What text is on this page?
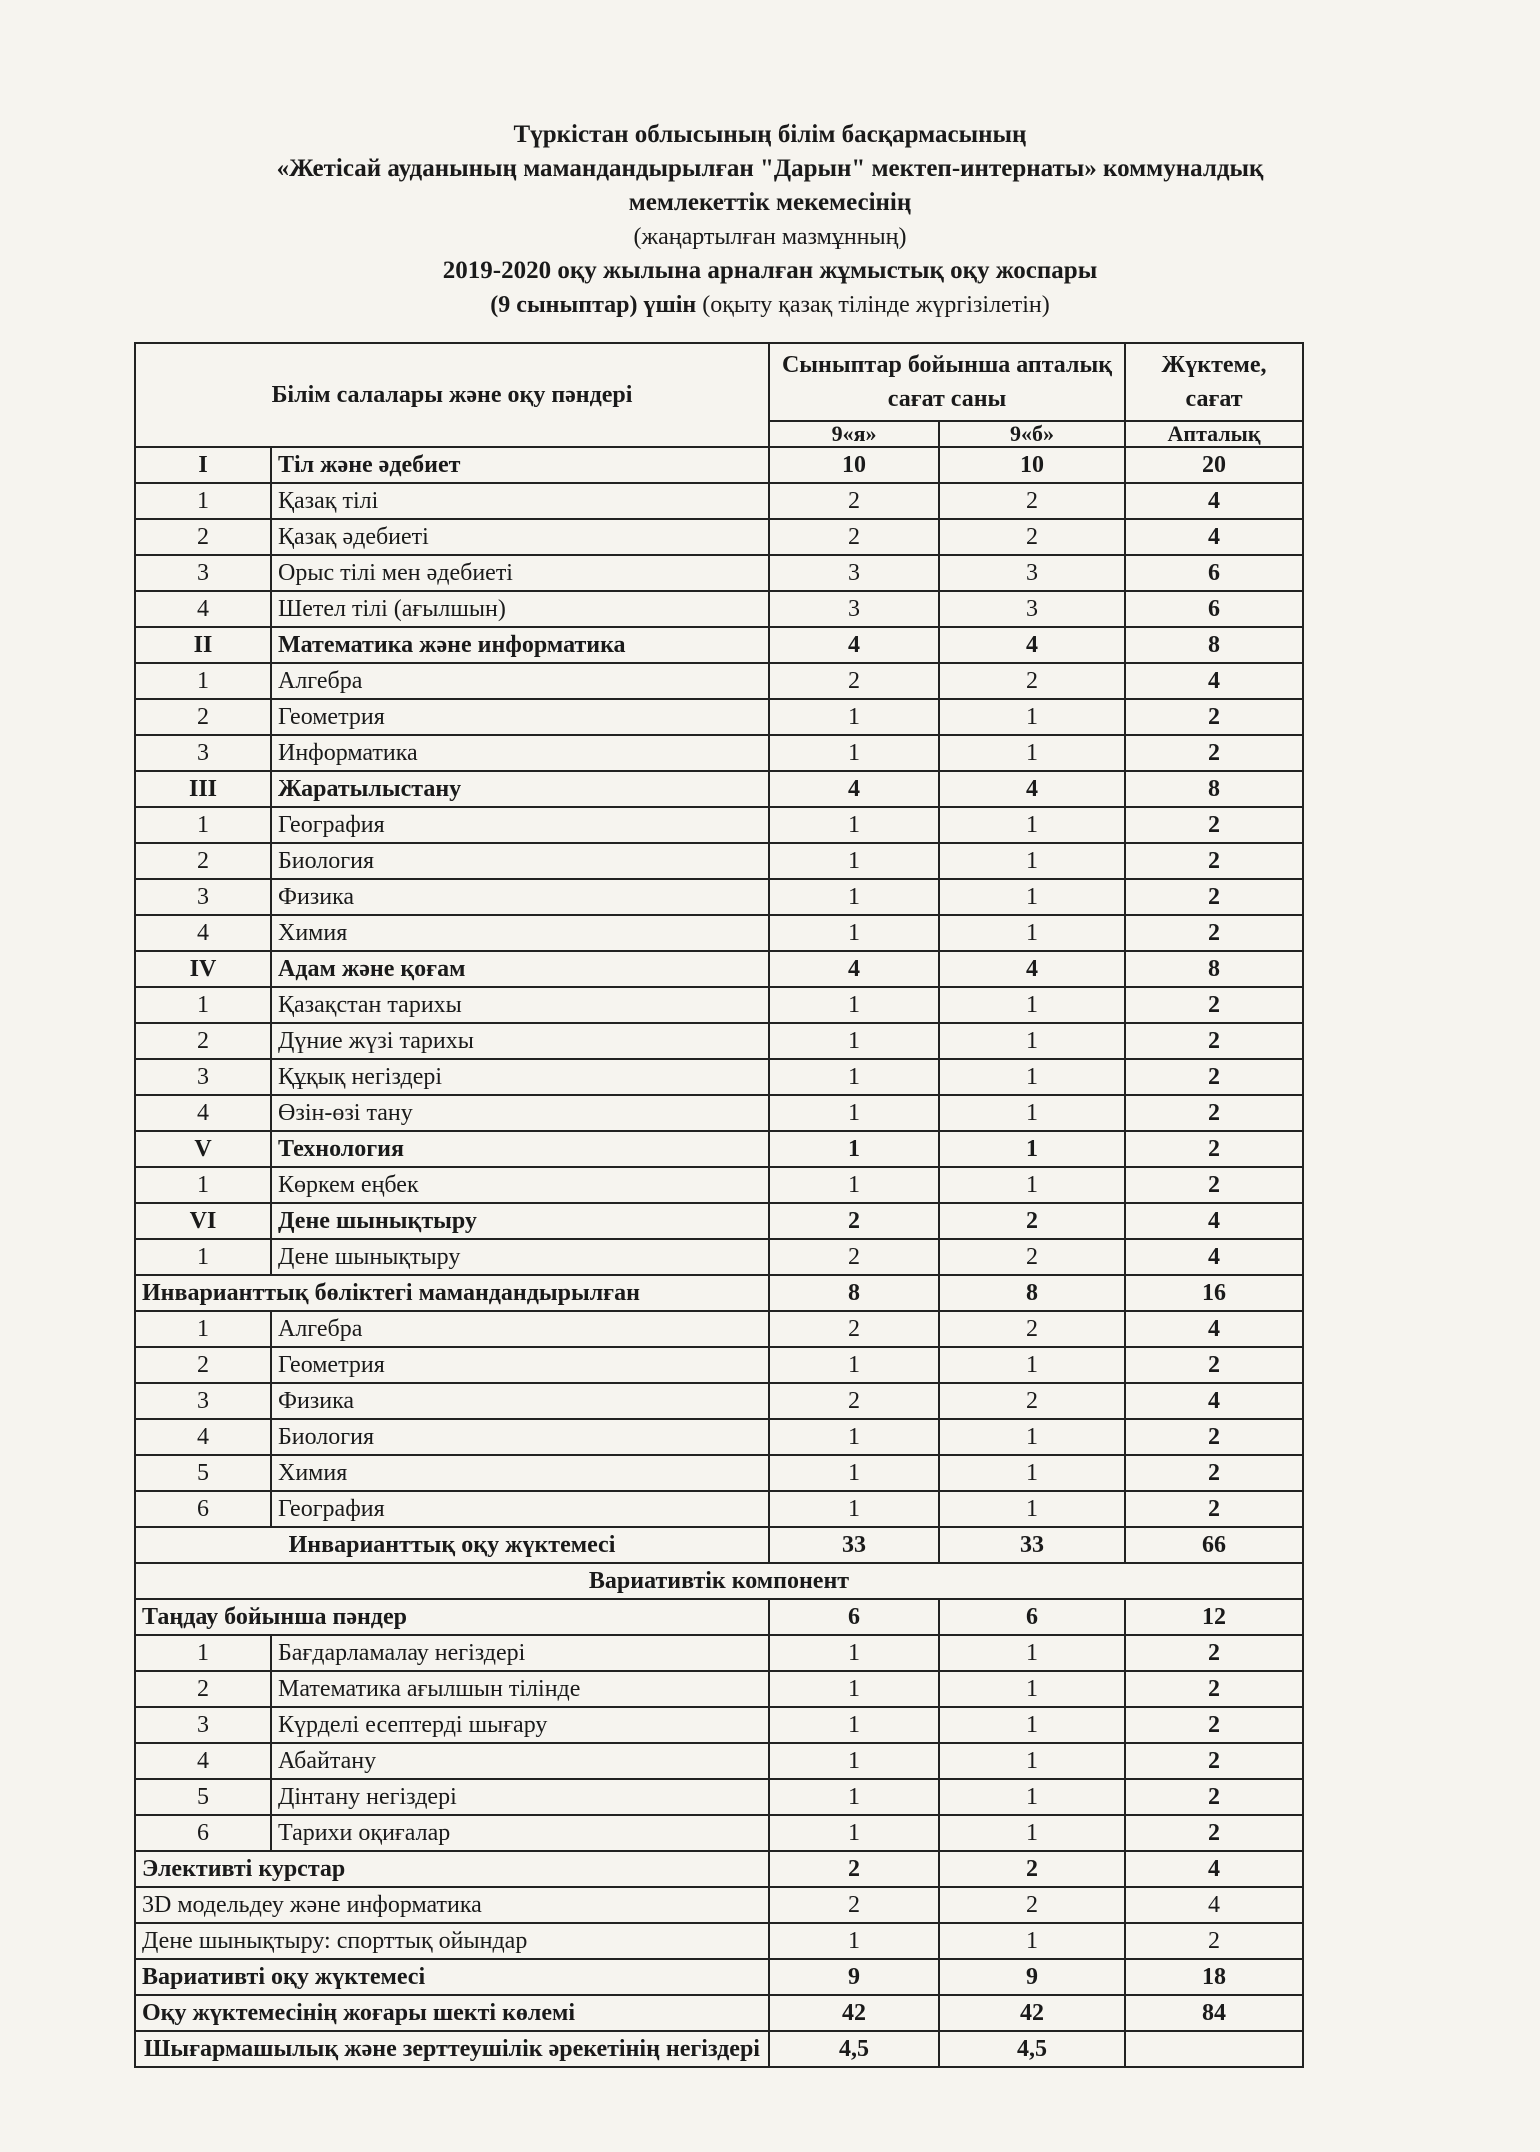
Түркістан облысының білім басқармасының
«Жетісай ауданының мамандандырылған "Дарын" мектеп-интернаты» коммуналдық
мемлекеттік мекемесінің
(жаңартылған мазмұнның)
2019-2020 оқу жылына арналған жұмыстық оқу жоспары
(9 сыныптар) үшін (оқыту қазақ тілінде жүргізілетін)
Білім салалары және оқу пәндері		Сыныптар бойынша апталық сағат саны		Жүктеме, сағат
		9«я»	9«б»	Апталық
I	Тіл және әдебиет	10	10	20
1	Қазақ тілі	2	2	4
2	Қазақ әдебиеті	2	2	4
3	Орыс тілі мен әдебиеті	3	3	6
4	Шетел тілі (ағылшын)	3	3	6
II	Математика және информатика	4	4	8
1	Алгебра	2	2	4
2	Геометрия	1	1	2
3	Информатика	1	1	2
III	Жаратылыстану	4	4	8
1	География	1	1	2
2	Биология	1	1	2
3	Физика	1	1	2
4	Химия	1	1	2
IV	Адам және қоғам	4	4	8
1	Қазақстан тарихы	1	1	2
2	Дүние жүзі тарихы	1	1	2
3	Құқық негіздері	1	1	2
4	Өзін-өзі тану	1	1	2
V	Технология	1	1	2
1	Көркем еңбек	1	1	2
VI	Дене шынықтыру	2	2	4
1	Дене шынықтыру	2	2	4
Инварианттық бөліктегі мамандандырылған		8	8	16
1	Алгебра	2	2	4
2	Геометрия	1	1	2
3	Физика	2	2	4
4	Биология	1	1	2
5	Химия	1	1	2
6	География	1	1	2
Инварианттық оқу жүктемесі		33	33	66
Вариативтік компонент				
Таңдау бойынша пәндер		6	6	12
1	Бағдарламалау негіздері	1	1	2
2	Математика ағылшын тілінде	1	1	2
3	Күрделі есептерді шығару	1	1	2
4	Абайтану	1	1	2
5	Дінтану негіздері	1	1	2
6	Тарихи оқиғалар	1	1	2
Элективті курстар		2	2	4
3D модельдеу және информатика		2	2	4
Дене шынықтыру: спорттық ойындар		1	1	2
Вариативті оқу жүктемесі		9	9	18
Оқу жүктемесінің жоғары шекті көлемі		42	42	84
Шығармашылық және зерттеушілік әрекетінің негіздері		4,5	4,5	
